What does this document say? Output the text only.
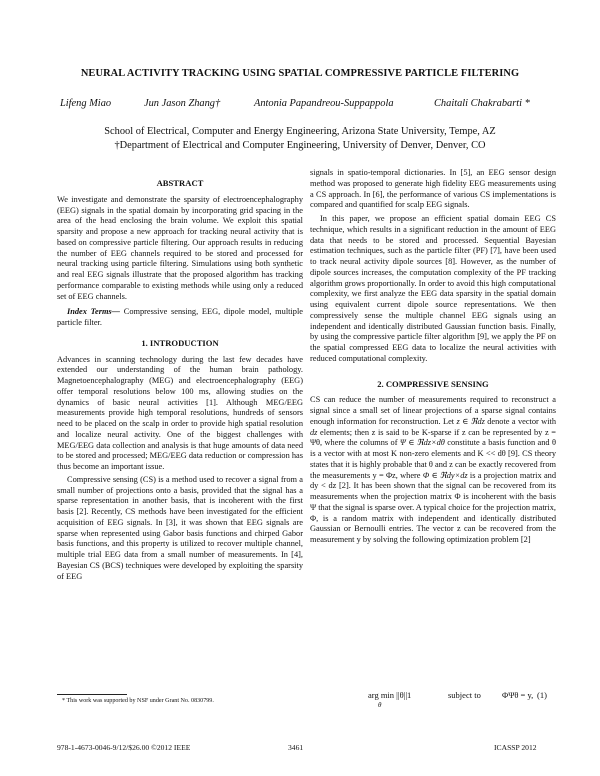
NEURAL ACTIVITY TRACKING USING SPATIAL COMPRESSIVE PARTICLE FILTERING
Lifeng Miao	Jun Jason Zhang†	Antonia Papandreou-Suppappola	Chaitali Chakrabarti *
School of Electrical, Computer and Energy Engineering, Arizona State University, Tempe, AZ
†Department of Electrical and Computer Engineering, University of Denver, Denver, CO
ABSTRACT

We investigate and demonstrate the sparsity of electroencephalography (EEG) signals in the spatial domain by incorporating grid spacing in the area of the head enclosing the brain volume. We exploit this spatial sparsity and propose a new approach for tracking neural activity that is based on compressive particle filtering. Our approach results in reducing the number of EEG channels required to be stored and processed for neural tracking using particle filtering. Simulations using both synthetic and real EEG signals illustrate that the proposed algorithm has tracking performance comparable to existing methods while using only a reduced set of EEG channels.

Index Terms— Compressive sensing, EEG, dipole model, multiple particle filter.

1. INTRODUCTION

Advances in scanning technology during the last few decades have extended our understanding of the human brain pathology. Magnetoencephalography (MEG) and electroencephalography (EEG) offer temporal resolutions below 100 ms, allowing studies on the dynamics of basic neural activities [1]. Although MEG/EEG measurements provide high temporal resolutions, hundreds of sensors need to be placed on the scalp in order to provide high spatial resolution and localize neural activity. One of the biggest challenges with MEG/EEG data collection and analysis is that huge amounts of data need to be stored and processed; MEG/EEG data reduction or compression has thus become an important issue.

Compressive sensing (CS) is a method used to recover a signal from a small number of projections onto a basis, provided that the signal has a sparse representation in another basis, that is incoherent with the first basis [2]. Recently, CS methods have been investigated for the efficient acquisition of EEG signals. In [3], it was shown that EEG signals are sparse when represented using Gabor basis functions and chirped Gabor basis functions, and this property is utilized to recover multiple channel, multiple trial EEG data from a small number of measurements. In [4], Bayesian CS (BCS) techniques were developed by exploiting the sparsity of EEG

* This work was supported by NSF under Grant No. 0830799.

signals in spatio-temporal dictionaries. In [5], an EEG sensor design method was proposed to generate high fidelity EEG measurements using a CS approach. In [6], the performance of various CS implementations is compared and quantified for scalp EEG signals.

In this paper, we propose an efficient spatial domain EEG CS technique, which results in a significant reduction in the amount of EEG data that needs to be stored and processed. Sequential Bayesian estimation techniques, such as the particle filter (PF) [7], have been used to track neural activity dipole sources [8]. However, as the number of dipole sources increases, the computation complexity of the PF tracking algorithm grows proportionally. In order to avoid this high computational complexity, we first analyze the EEG data sparsity in the spatial domain using equivalent current dipole source representations. We then compressively sense the multiple channel EEG signals using an independent and identically distributed Gaussian function basis. Finally, by using the compressive particle filter algorithm [9], we apply the PF on the spatial compressed EEG data to localize the neural activities with reduced computational complexity.

2. COMPRESSIVE SENSING

CS can reduce the number of measurements required to reconstruct a signal since a small set of linear projections of a sparse signal contains enough information for reconstruction. Let z ∈ ℜdz denote a vector with dz elements; then z is said to be K-sparse if z can be represented by z = Ψθ, where the columns of Ψ ∈ ℜdz×dθ constitute a basis function and θ is a vector with at most K non-zero elements and K << dθ [9]. CS theory states that it is highly probable that θ and z can be exactly recovered from the measurements y = Φz, where Φ ∈ ℜdy×dz is a projection matrix and dy < dz [2]. It has been shown that the signal can be recovered from its measurements when the projection matrix Φ is incoherent with the basis Ψ that the signal is sparse over. A typical choice for the projection matrix, Φ, is a random matrix with independent and identically distributed Gaussian or Bernoulli entries. The vector z can be recovered from the measurement y by solving the following optimization problem [2]

arg min ||θ||1
θ
subject to ΦΨθ = y, (1)
978-1-4673-0046-9/12/$26.00 ©2012 IEEE	3461	ICASSP 2012
